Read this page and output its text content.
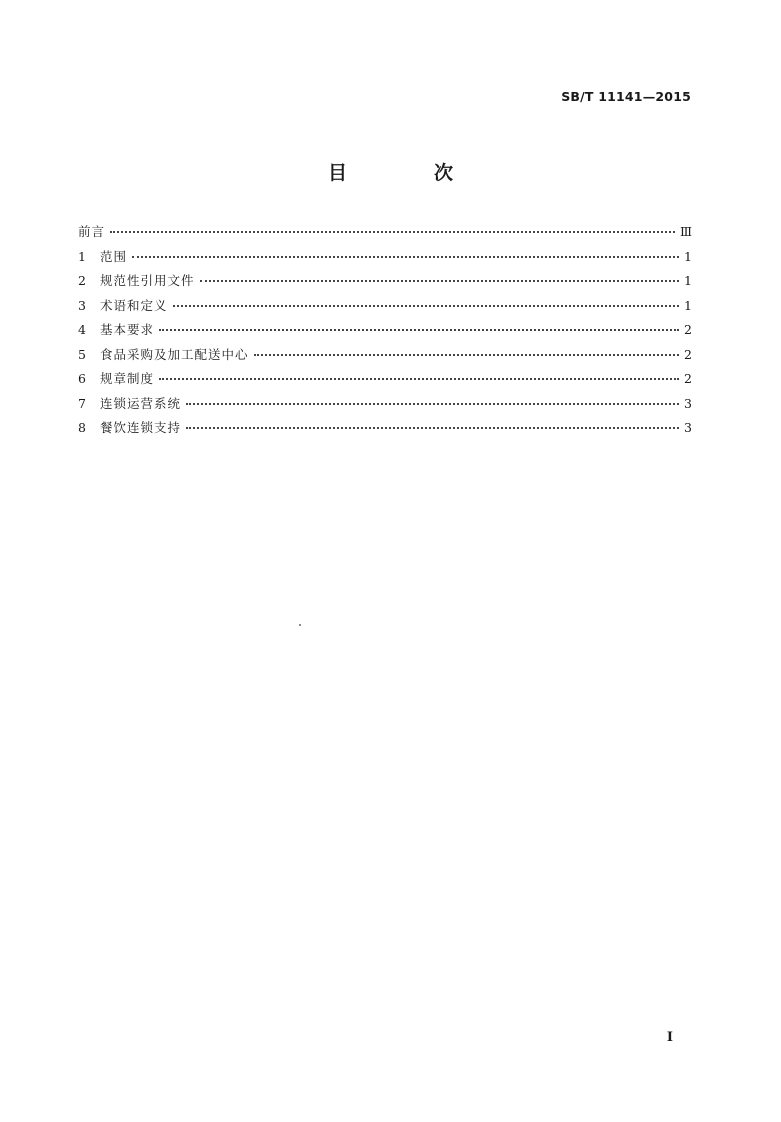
SB/T 11141—2015
目　次
前言	Ⅲ
1	范围	1
2	规范性引用文件	1
3	术语和定义	1
4	基本要求	2
5	食品采购及加工配送中心	2
6	规章制度	2
7	连锁运营系统	3
8	餐饮连锁支持	3
I
